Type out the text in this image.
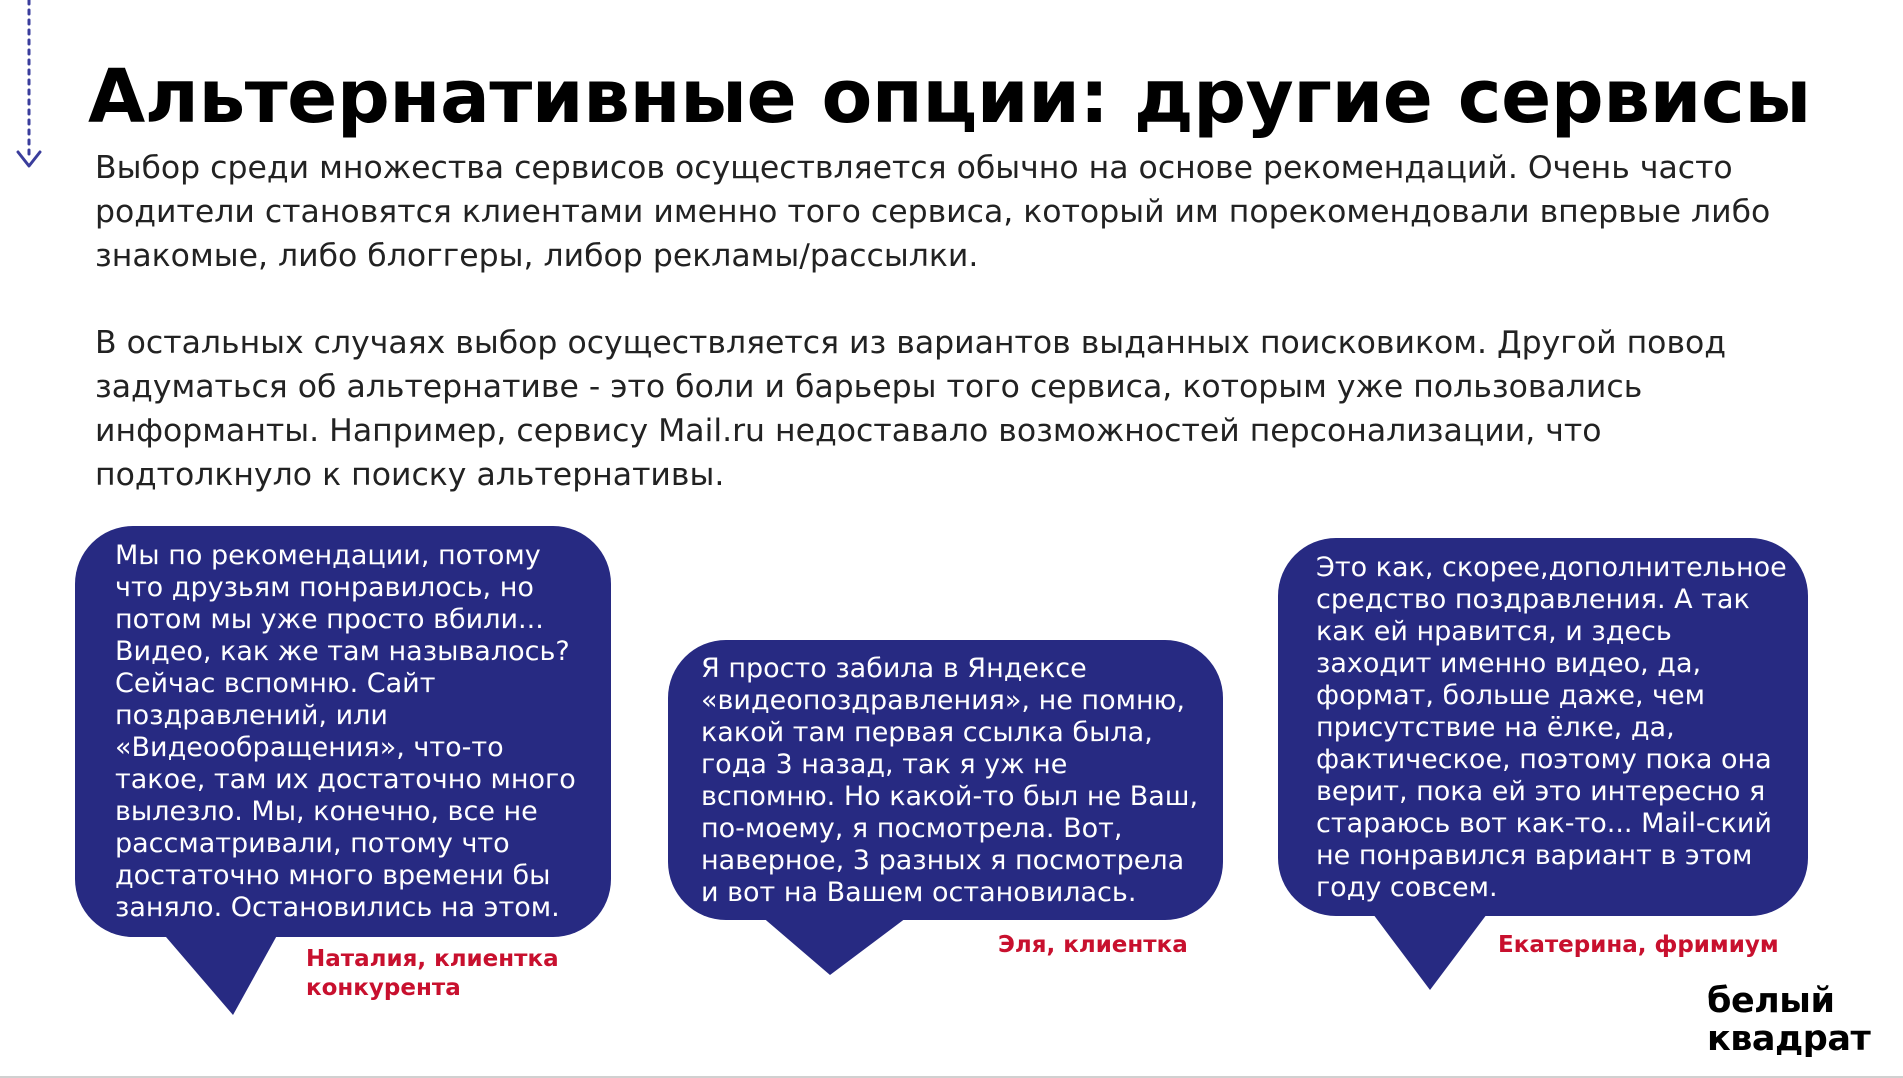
Альтернативные опции: другие сервисы

Выбор среди множества сервисов осуществляется обычно на основе рекомендаций. Очень часто родители становятся клиентами именно того сервиса, который им порекомендовали впервые либо знакомые, либо блоггеры, либор рекламы/рассылки.

В остальных случаях выбор осуществляется из вариантов выданных поисковиком. Другой повод задуматься об альтернативе - это боли и барьеры того сервиса, которым уже пользовались информанты. Например, сервису Mail.ru недоставало возможностей персонализации, что подтолкнуло к поиску альтернативы.

Мы по рекомендации, потому что друзьям понравилось, но потом мы уже просто вбили... Видео, как же там называлось? Сейчас вспомню. Сайт поздравлений, или «Видеообращения», что-то такое, там их достаточно много вылезло. Мы, конечно, все не рассматривали, потому что достаточно много времени бы заняло. Остановились на этом.

Наталия, клиентка
конкурента

Я просто забила в Яндексе «видеопоздравления», не помню, какой там первая ссылка была, года 3 назад, так я уж не вспомню. Но какой-то был не Ваш, по-моему, я посмотрела. Вот, наверное, 3 разных я посмотрела и вот на Вашем остановилась.

Эля, клиентка

Это как, скорее,дополнительное средство поздравления. А так как ей нравится, и здесь заходит именно видео, да, формат, больше даже, чем присутствие на ёлке, да, фактическое, поэтому пока она верит, пока ей это интересно я стараюсь вот как-то... Mail-ский не понравился вариант в этом году совсем.

Екатерина, фримиум
белый
квадрат
